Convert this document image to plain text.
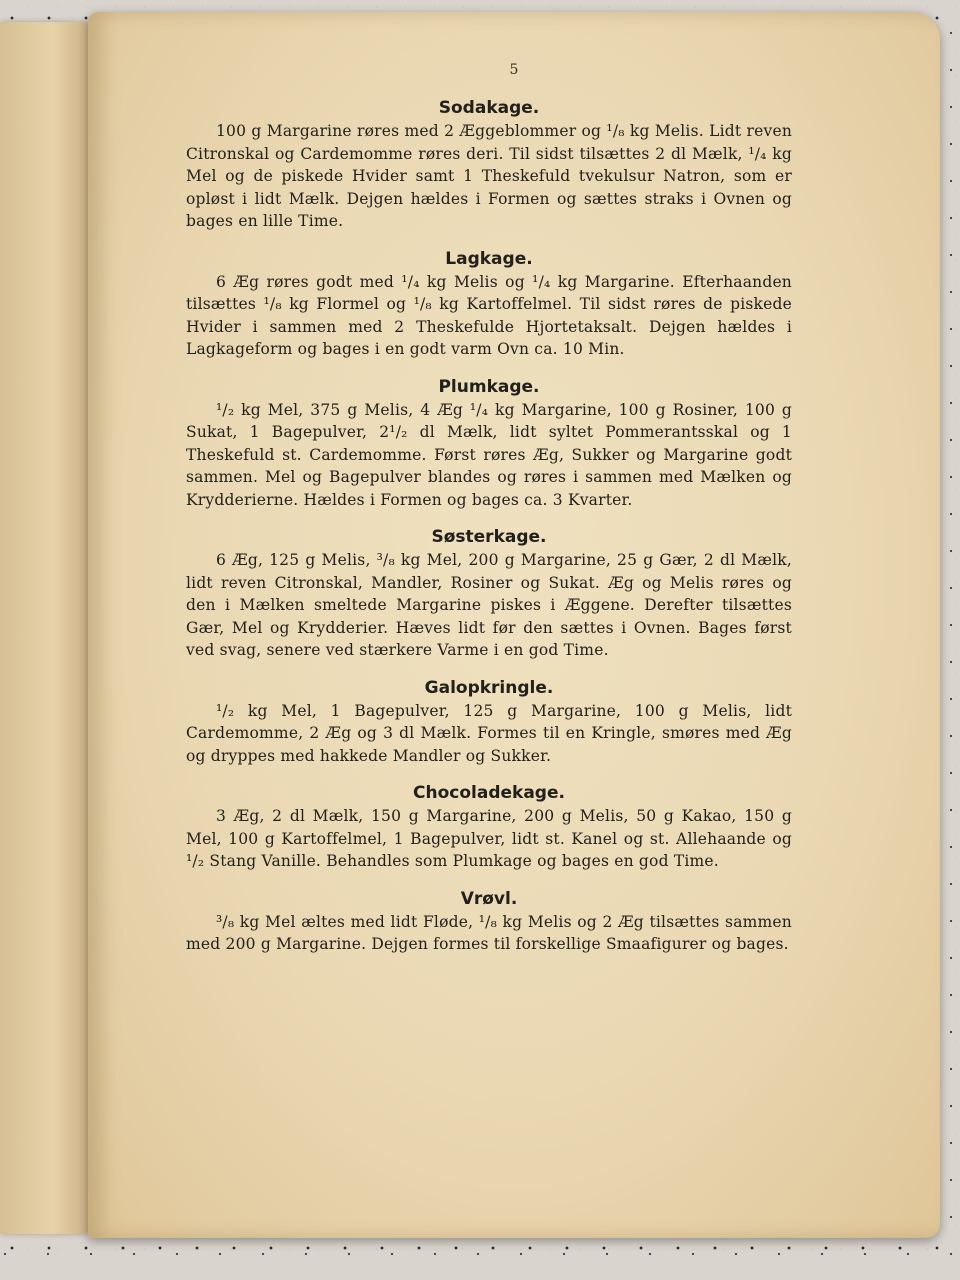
5
Sodakage.

100 g Margarine røres med 2 Æggeblommer og ¹/₈ kg Melis. Lidt reven Citronskal og Cardemomme røres deri. Til sidst tilsættes 2 dl Mælk, ¹/₄ kg Mel og de piskede Hvider samt 1 Theskefuld tvekulsur Natron, som er opløst i lidt Mælk. Dejgen hældes i Formen og sættes straks i Ovnen og bages en lille Time.

Lagkage.

6 Æg røres godt med ¹/₄ kg Melis og ¹/₄ kg Margarine. Efterhaanden tilsættes ¹/₈ kg Flormel og ¹/₈ kg Kartoffelmel. Til sidst røres de piskede Hvider i sammen med 2 Theskefulde Hjortetaksalt. Dejgen hældes i Lagkageform og bages i en godt varm Ovn ca. 10 Min.

Plumkage.

¹/₂ kg Mel, 375 g Melis, 4 Æg ¹/₄ kg Margarine, 100 g Rosiner, 100 g Sukat, 1 Bagepulver, 2¹/₂ dl Mælk, lidt syltet Pommerantsskal og 1 Theskefuld st. Cardemomme. Først røres Æg, Sukker og Margarine godt sammen. Mel og Bagepulver blandes og røres i sammen med Mælken og Krydderierne. Hældes i Formen og bages ca. 3 Kvarter.

Søsterkage.

6 Æg, 125 g Melis, ³/₈ kg Mel, 200 g Margarine, 25 g Gær, 2 dl Mælk, lidt reven Citronskal, Mandler, Rosiner og Sukat. Æg og Melis røres og den i Mælken smeltede Margarine piskes i Æggene. Derefter tilsættes Gær, Mel og Krydderier. Hæves lidt før den sættes i Ovnen. Bages først ved svag, senere ved stærkere Varme i en god Time.

Galopkringle.

¹/₂ kg Mel, 1 Bagepulver, 125 g Margarine, 100 g Melis, lidt Cardemomme, 2 Æg og 3 dl Mælk. Formes til en Kringle, smøres med Æg og dryppes med hakkede Mandler og Sukker.

Chocoladekage.

3 Æg, 2 dl Mælk, 150 g Margarine, 200 g Melis, 50 g Kakao, 150 g Mel, 100 g Kartoffelmel, 1 Bagepulver, lidt st. Kanel og st. Allehaande og ¹/₂ Stang Vanille. Behandles som Plumkage og bages en god Time.

Vrøvl.

³/₈ kg Mel æltes med lidt Fløde, ¹/₈ kg Melis og 2 Æg tilsættes sammen med 200 g Margarine. Dejgen formes til forskellige Smaafigurer og bages.
